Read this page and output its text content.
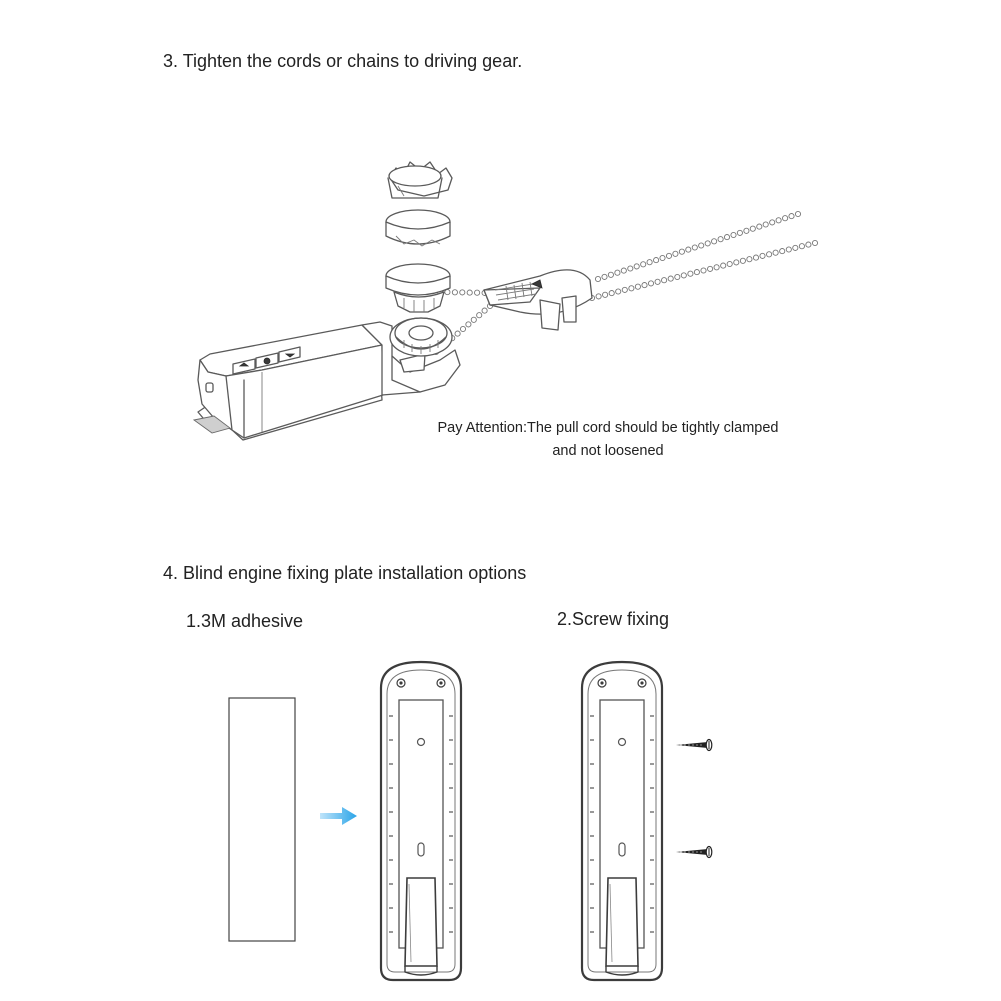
3. Tighten the cords or chains to driving gear.
Pay Attention:The pull cord should be tightly clamped
and not loosened
4. Blind engine fixing plate installation options
1.3M adhesive	2.Screw fixing
